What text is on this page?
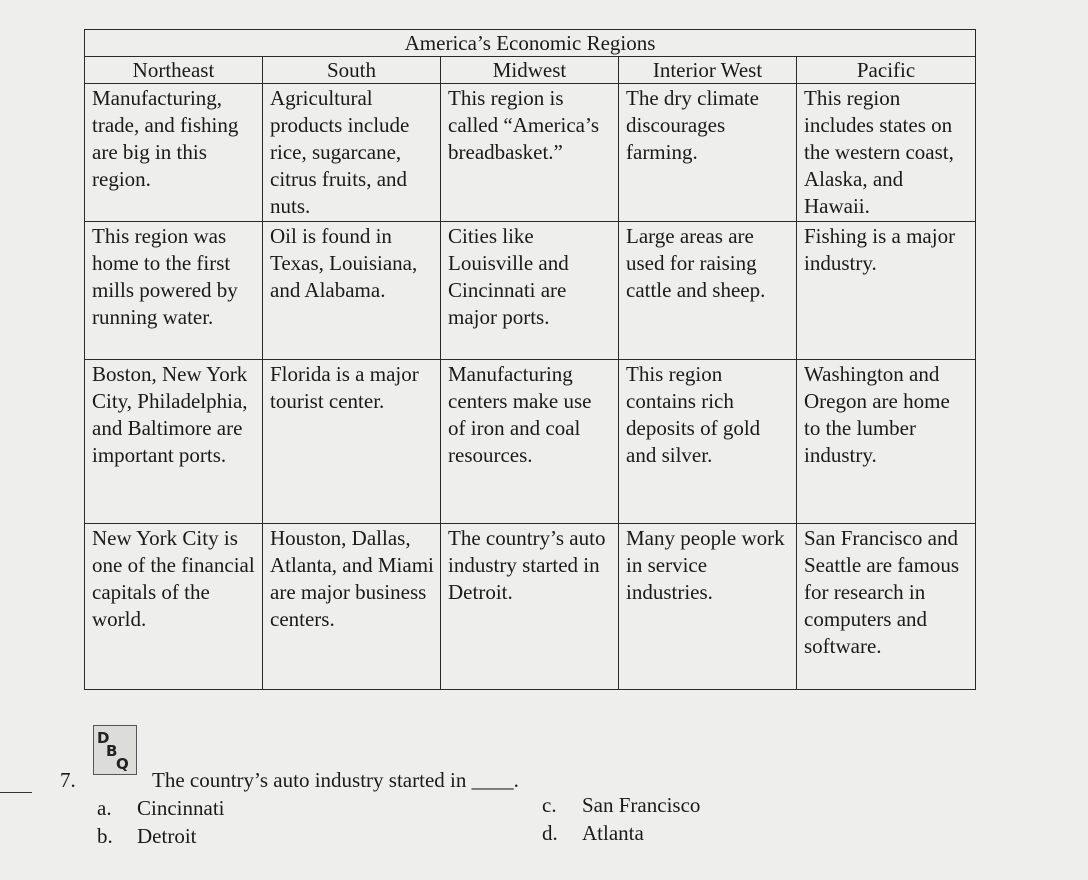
America’s Economic Regions				
Northeast	South	Midwest	Interior West	Pacific
Manufacturing, trade, and fishing are big in this region.	Agricultural products include rice, sugarcane, citrus fruits, and nuts.	This region is called “America’s breadbasket.”	The dry climate discourages farming.	This region includes states on the western coast, Alaska, and Hawaii.
This region was home to the first mills powered by running water.	Oil is found in Texas, Louisiana, and Alabama.	Cities like Louisville and Cincinnati are major ports.	Large areas are used for raising cattle and sheep.	Fishing is a major industry.
Boston, New York City, Philadelphia, and Baltimore are important ports.	Florida is a major tourist center.	Manufacturing centers make use of iron and coal resources.	This region contains rich deposits of gold and silver.	Washington and Oregon are home to the lumber industry.
New York City is one of the financial capitals of the world.	Houston, Dallas, Atlanta, and Miami are major business centers.	The country’s auto industry started in Detroit.	Many people work in service industries.	San Francisco and Seattle are famous for research in computers and software.
7.
D
B
Q
The country’s auto industry started in ____.
a. Cincinnati
b. Detroit
c. San Francisco
d. Atlanta
